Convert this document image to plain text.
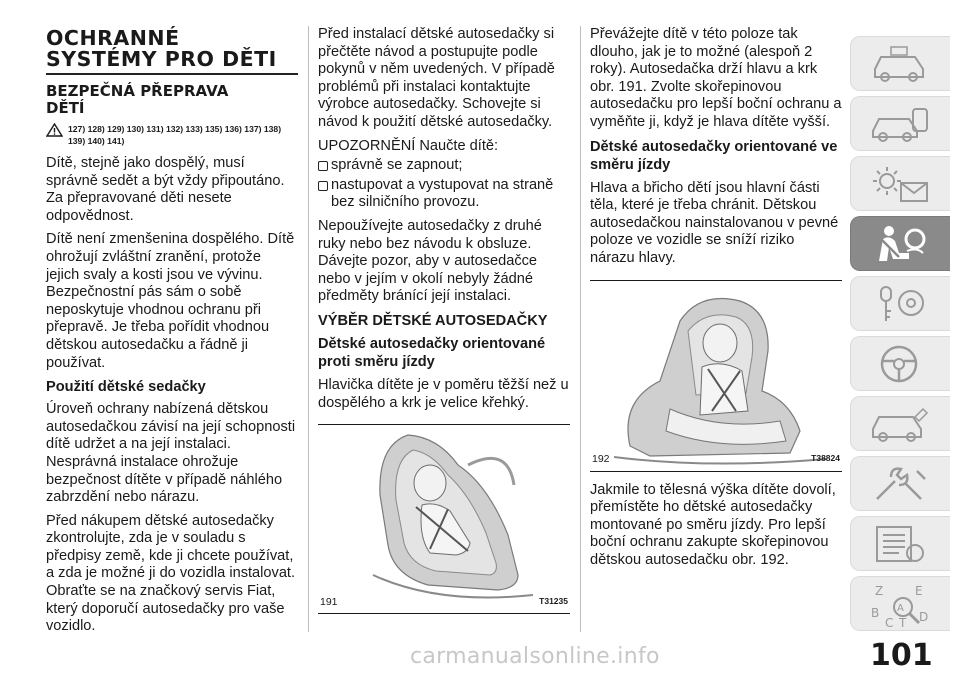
OCHRANNÉ
SYSTÉMY PRO DĚTI
BEZPEČNÁ PŘEPRAVA
DĚTÍ
127) 128) 129) 130) 131) 132) 133) 135) 136) 137) 138) 139) 140) 141)

Dítě, stejně jako dospělý, musí správně sedět a být vždy připoutáno. Za přepravované děti nesete odpovědnost.

Dítě není zmenšenina dospělého. Dítě ohrožují zvláštní zranění, protože jejich svaly a kosti jsou ve vývinu. Bezpečnostní pás sám o sobě neposkytuje vhodnou ochranu při přepravě. Je třeba pořídit vhodnou dětskou autosedačku a řádně ji používat.

Použití dětské sedačky

Úroveň ochrany nabízená dětskou autosedačkou závisí na její schopnosti dítě udržet a na její instalaci. Nesprávná instalace ohrožuje bezpečnost dítěte v případě náhlého zabrzdění nebo nárazu.

Před nákupem dětské autosedačky zkontrolujte, zda je v souladu s předpisy země, kde ji chcete používat, a zda je možné ji do vozidla instalovat. Obraťte se na značkový servis Fiat, který doporučí autosedačky pro vaše vozidlo.

Před instalací dětské autosedačky si přečtěte návod a postupujte podle pokynů v něm uvedených. V případě problémů při instalaci kontaktujte výrobce autosedačky. Schovejte si návod k použití dětské autosedačky.

UPOZORNĚNÍ Naučte dítě:

správně se zapnout;
nastupovat a vystupovat na straně bez silničního provozu.

Nepoužívejte autosedačky z druhé ruky nebo bez návodu k obsluze. Dávejte pozor, aby v autosedačce nebo v jejím v okolí nebyly žádné předměty bránící její instalaci.

VÝBĚR DĚTSKÉ AUTOSEDAČKY
Dětské autosedačky orientované
proti směru jízdy

Hlavička dítěte je v poměru těžší než u dospělého a krk je velice křehký.

191	T31235

Převážejte dítě v této poloze tak dlouho, jak je to možné (alespoň 2 roky). Autosedačka drží hlavu a krk obr. 191. Zvolte skořepinovou autosedačku pro lepší boční ochranu a vyměňte ji, když je hlava dítěte vyšší.

Dětské autosedačky orientované ve
směru jízdy

Hlava a břicho dětí jsou hlavní části těla, které je třeba chránit. Dětskou autosedačkou nainstalovanou v pevné poloze ve vozidle se sníží riziko nárazu hlavy.

192	T38824

Jakmile to tělesná výška dítěte dovolí, přemístěte ho dětské autosedačky montované po směru jízdy. Pro lepší boční ochranu zakupte skořepinovou dětskou autosedačku obr. 192.

Z	E
A
B
C T D
carmanualsonline.info	101
